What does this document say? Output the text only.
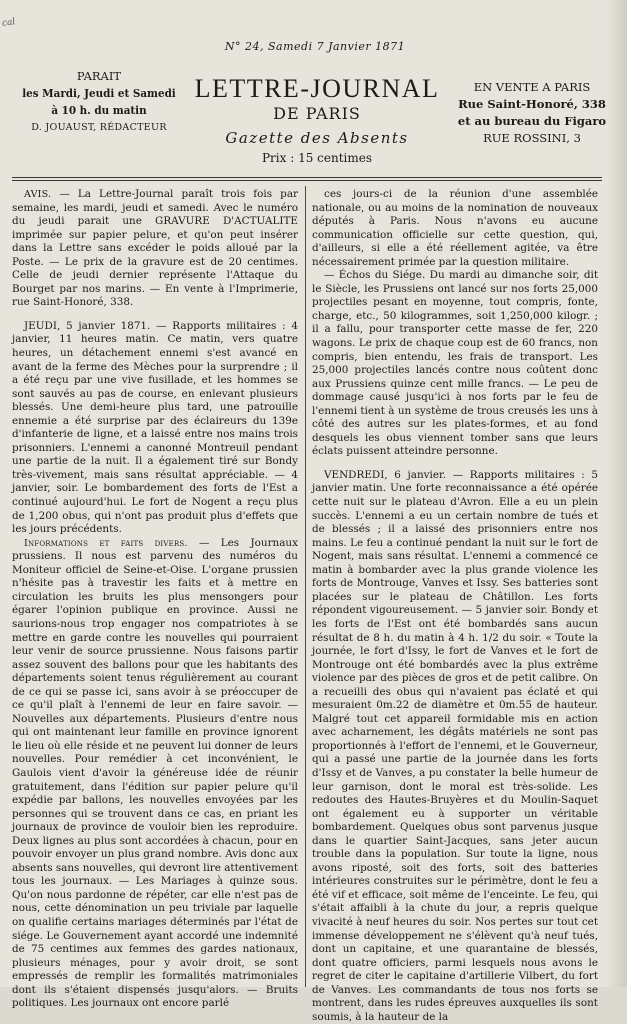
cal
N° 24, Samedi 7 Janvier 1871
PARAIT
les Mardi, Jeudi et Samedi
à 10 h. du matin
D. JOUAUST, RÉDACTEUR
LETTRE-JOURNAL
DE PARIS
Gazette des Absents
Prix : 15 centimes
EN VENTE A PARIS
Rue Saint-Honoré, 338
et au bureau du Figaro
RUE ROSSINI, 3

AVIS. — La Lettre-Journal paraît trois fois par semaine, les mardi, jeudi et samedi. Avec le numéro du jeudi parait une GRAVURE D'ACTUALITE imprimée sur papier pelure, et qu'on peut insérer dans la Lettre sans excéder le poids alloué par la Poste. — Le prix de la gravure est de 20 centimes. Celle de jeudi dernier représente l'Attaque du Bourget par nos marins. — En vente à l'Imprimerie, rue Saint-Honoré, 338.

JEUDI, 5 janvier 1871. — Rapports militaires : 4 janvier, 11 heures matin. Ce matin, vers quatre heures, un détachement ennemi s'est avancé en avant de la ferme des Mèches pour la surprendre ; il a été reçu par une vive fusillade, et les hommes se sont sauvés au pas de course, en enlevant plusieurs blessés. Une demi-heure plus tard, une patrouille ennemie a été surprise par des éclaireurs du 139e d'infanterie de ligne, et a laissé entre nos mains trois prisonniers. L'ennemi a canonné Montreuil pendant une partie de la nuit. Il a également tiré sur Bondy très-vivement, mais sans résultat appréciable. — 4 janvier, soir. Le bombardement des forts de l'Est a continué aujourd'hui. Le fort de Nogent a reçu plus de 1,200 obus, qui n'ont pas produit plus d'effets que les jours précédents.

Informations et faits divers. — Les Journaux prussiens. Il nous est parvenu des numéros du Moniteur officiel de Seine-et-Oise. L'organe prussien n'hésite pas à travestir les faits et à mettre en circulation les bruits les plus mensongers pour égarer l'opinion publique en province. Aussi ne saurions-nous trop engager nos compatriotes à se mettre en garde contre les nouvelles qui pourraient leur venir de source prussienne. Nous faisons partir assez souvent des ballons pour que les habitants des départements soient tenus régulièrement au courant de ce qui se passe ici, sans avoir à se préoccuper de ce qu'il plaît à l'ennemi de leur en faire savoir. — Nouvelles aux départements. Plusieurs d'entre nous qui ont maintenant leur famille en province ignorent le lieu où elle réside et ne peuvent lui donner de leurs nouvelles. Pour remédier à cet inconvénient, le Gaulois vient d'avoir la généreuse idée de réunir gratuitement, dans l'édition sur papier pelure qu'il expédie par ballons, les nouvelles envoyées par les personnes qui se trouvent dans ce cas, en priant les journaux de province de vouloir bien les reproduire. Deux lignes au plus sont accordées à chacun, pour en pouvoir envoyer un plus grand nombre. Avis donc aux absents sans nouvelles, qui devront lire attentivement tous les journaux. — Les Mariages à quinze sous. Qu'on nous pardonne de répéter, car elle n'est pas de nous, cette dénomination un peu triviale par laquelle on qualifie certains mariages déterminés par l'état de siége. Le Gouvernement ayant accordé une indemnité de 75 centimes aux femmes des gardes nationaux, plusieurs ménages, pour y avoir droit, se sont empressés de remplir les formalités matrimoniales dont ils s'étaient dispensés jusqu'alors. — Bruits politiques. Les journaux ont encore parlé

ces jours-ci de la réunion d'une assemblée nationale, ou au moins de la nomination de nouveaux députés à Paris. Nous n'avons eu aucune communication officielle sur cette question, qui, d'ailleurs, si elle a été réellement agitée, va être nécessairement primée par la question militaire.

— Échos du Siége. Du mardi au dimanche soir, dit le Siècle, les Prussiens ont lancé sur nos forts 25,000 projectiles pesant en moyenne, tout compris, fonte, charge, etc., 50 kilogrammes, soit 1,250,000 kilogr. ; il a fallu, pour transporter cette masse de fer, 220 wagons. Le prix de chaque coup est de 60 francs, non compris, bien entendu, les frais de transport. Les 25,000 projectiles lancés contre nous coûtent donc aux Prussiens quinze cent mille francs. — Le peu de dommage causé jusqu'ici à nos forts par le feu de l'ennemi tient à un système de trous creusés les uns à côté des autres sur les plates-formes, et au fond desquels les obus viennent tomber sans que leurs éclats puissent atteindre personne.

VENDREDI, 6 janvier. — Rapports militaires : 5 janvier matin. Une forte reconnaissance a été opérée cette nuit sur le plateau d'Avron. Elle a eu un plein succès. L'ennemi a eu un certain nombre de tués et de blessés ; il a laissé des prisonniers entre nos mains. Le feu a continué pendant la nuit sur le fort de Nogent, mais sans résultat. L'ennemi a commencé ce matin à bombarder avec la plus grande violence les forts de Montrouge, Vanves et Issy. Ses batteries sont placées sur le plateau de Châtillon. Les forts répondent vigoureusement. — 5 janvier soir. Bondy et les forts de l'Est ont été bombardés sans aucun résultat de 8 h. du matin à 4 h. 1/2 du soir. « Toute la journée, le fort d'Issy, le fort de Vanves et le fort de Montrouge ont été bombardés avec la plus extrême violence par des pièces de gros et de petit calibre. On a recueilli des obus qui n'avaient pas éclaté et qui mesuraient 0m.22 de diamètre et 0m.55 de hauteur. Malgré tout cet appareil formidable mis en action avec acharnement, les dégâts matériels ne sont pas proportionnés à l'effort de l'ennemi, et le Gouverneur, qui a passé une partie de la journée dans les forts d'Issy et de Vanves, a pu constater la belle humeur de leur garnison, dont le moral est très-solide. Les redoutes des Hautes-Bruyères et du Moulin-Saquet ont également eu à supporter un véritable bombardement. Quelques obus sont parvenus jusque dans le quartier Saint-Jacques, sans jeter aucun trouble dans la population. Sur toute la ligne, nous avons riposté, soit des forts, soit des batteries intérieures construites sur le périmètre, dont le feu a été vif et efficace, soit même de l'enceinte. Le feu, qui s'était affaibli à la chute du jour, a repris quelque vivacité à neuf heures du soir. Nos pertes sur tout cet immense développement ne s'élèvent qu'à neuf tués, dont un capitaine, et une quarantaine de blessés, dont quatre officiers, parmi lesquels nous avons le regret de citer le capitaine d'artillerie Vilbert, du fort de Vanves. Les commandants de tous nos forts se montrent, dans les rudes épreuves auxquelles ils sont soumis, à la hauteur de la
